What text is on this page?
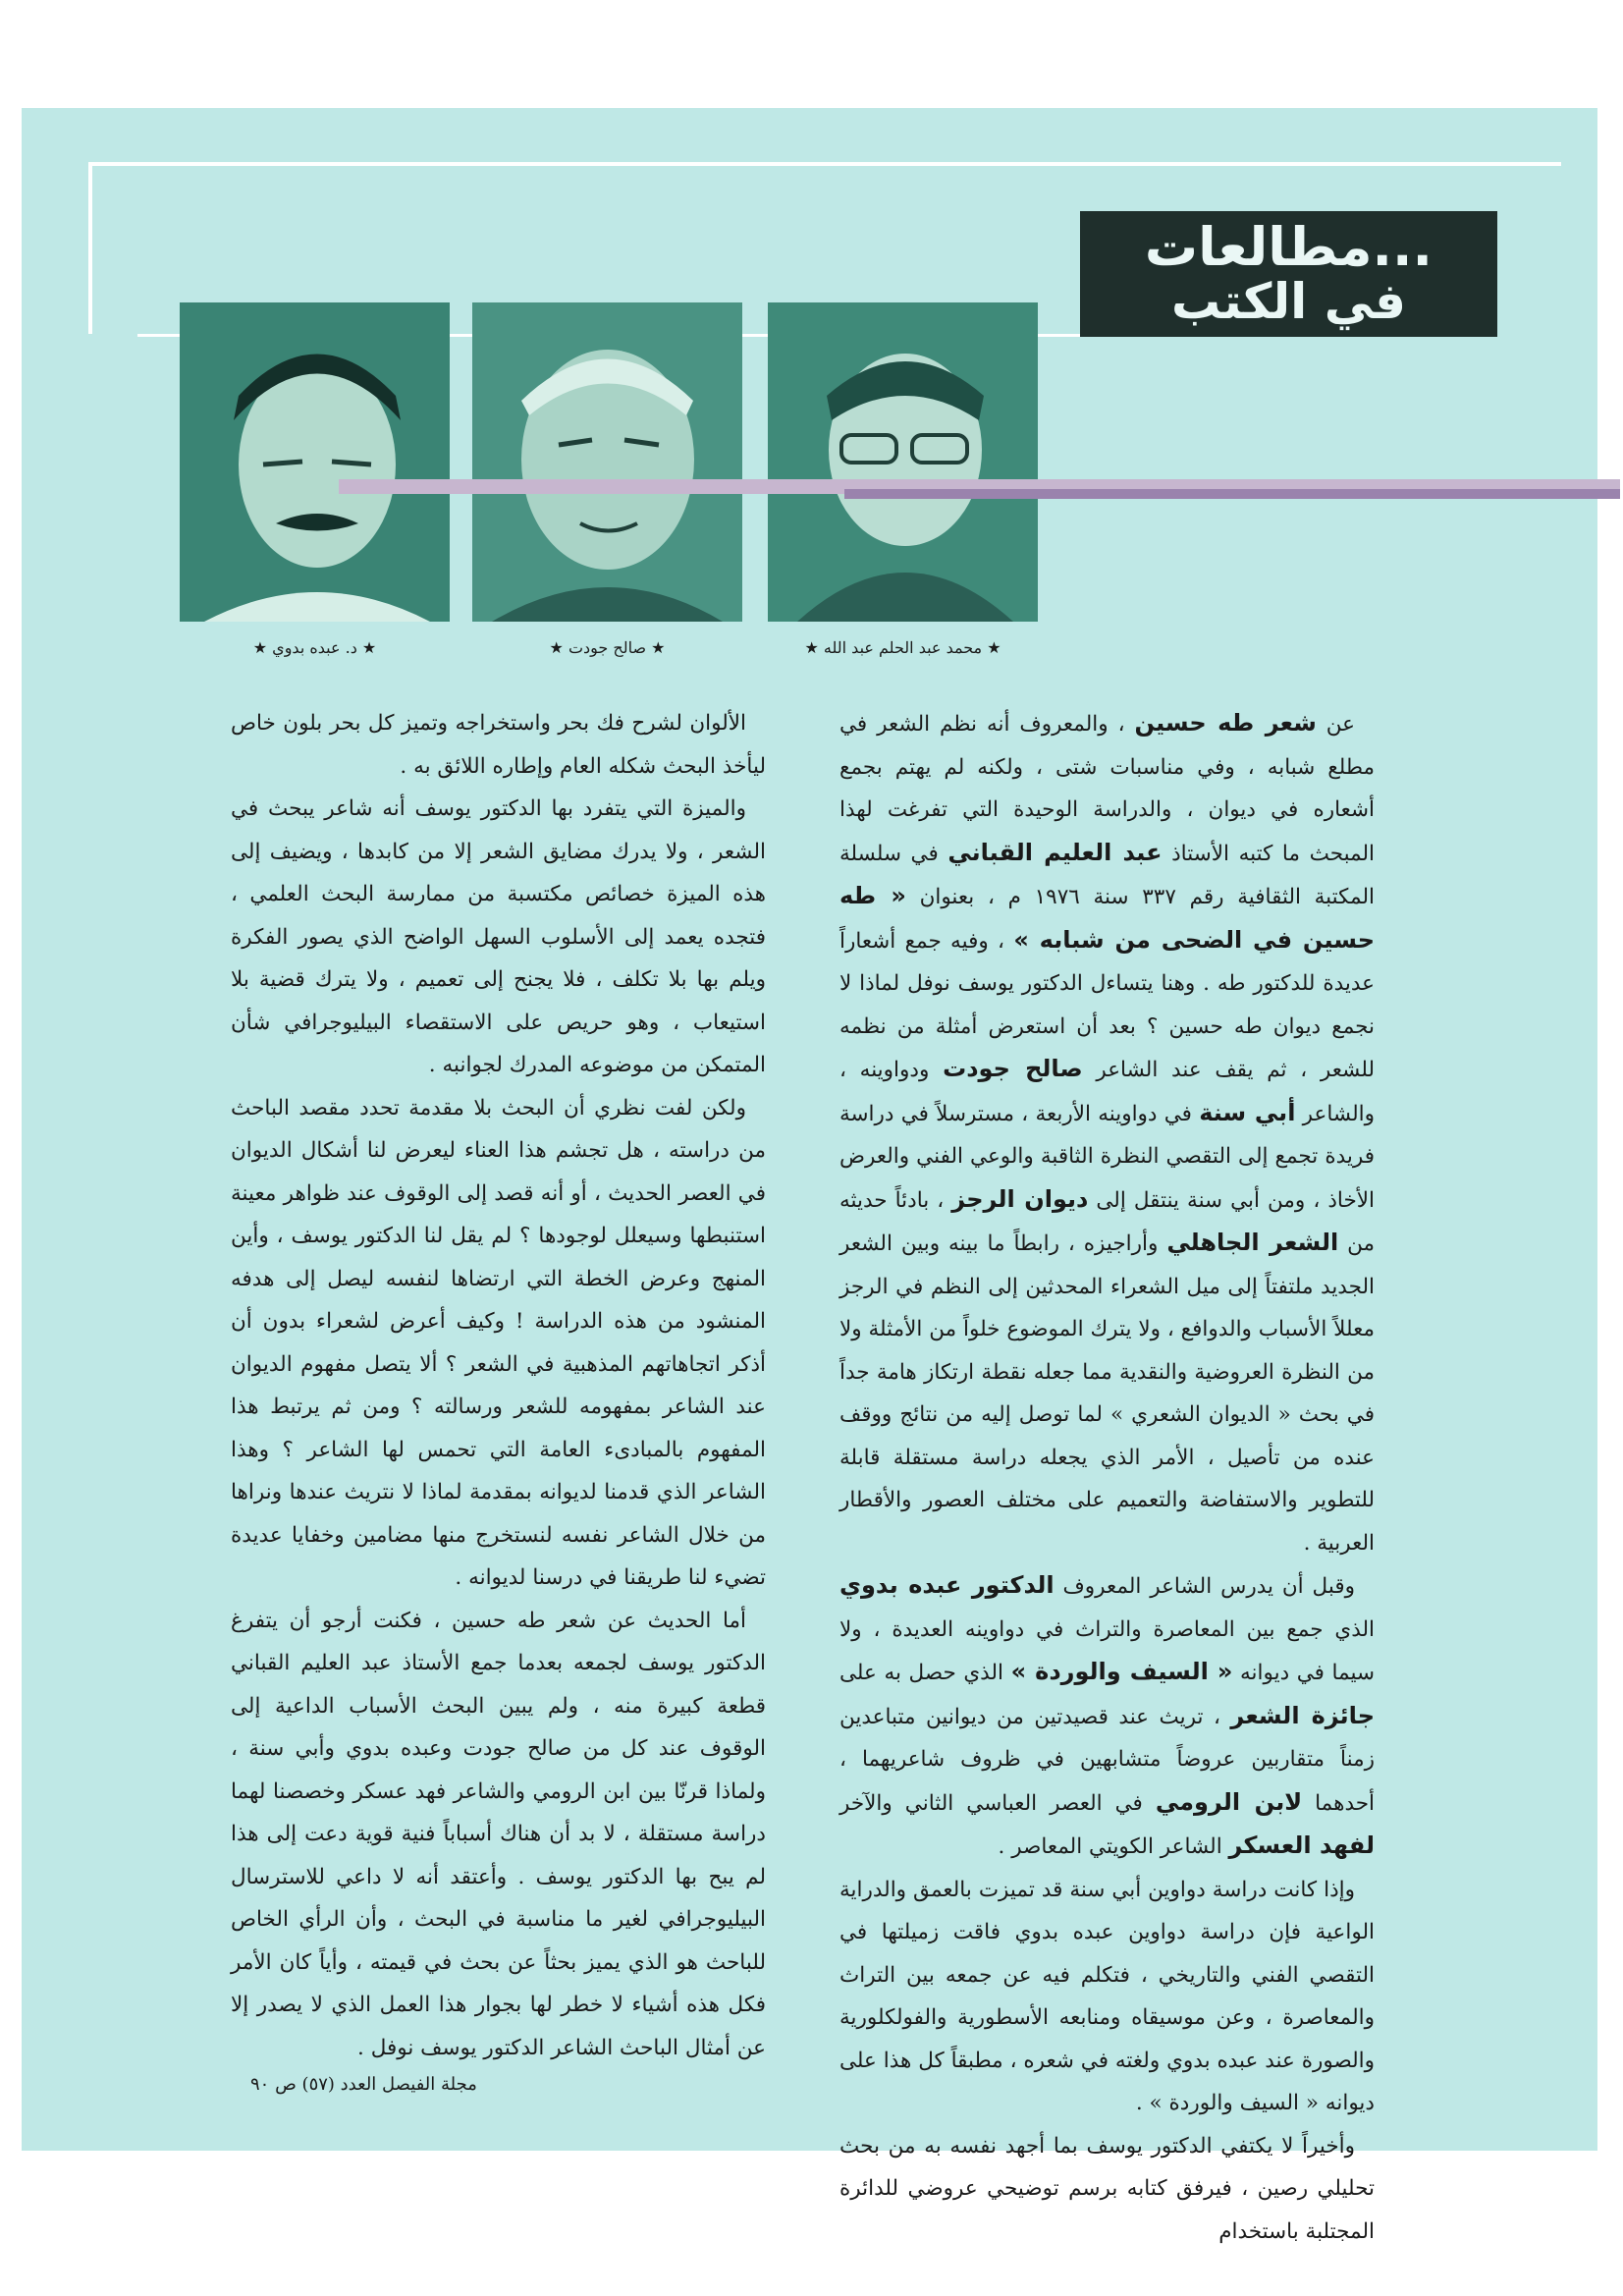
مطالعات...
في الكتب
★ محمد عبد الحلم عبد الله ★
★ صالح جودت ★
★ د. عبده بدوي ★

عن شعر طه حسين ، والمعروف أنه نظم الشعر في مطلع شبابه ، وفي مناسبات شتى ، ولكنه لم يهتم بجمع أشعاره في ديوان ، والدراسة الوحيدة التي تفرغت لهذا المبحث ما كتبه الأستاذ عبد العليم القباني في سلسلة المكتبة الثقافية رقم ٣٣٧ سنة ١٩٧٦ م ، بعنوان « طه حسين في الضحى من شبابه » ، وفيه جمع أشعاراً عديدة للدكتور طه . وهنا يتساءل الدكتور يوسف نوفل لماذا لا نجمع ديوان طه حسين ؟ بعد أن استعرض أمثلة من نظمه للشعر ، ثم يقف عند الشاعر صالح جودت ودواوينه ، والشاعر أبي سنة في دواوينه الأربعة ، مسترسلاً في دراسة فريدة تجمع إلى التقصي النظرة الثاقبة والوعي الفني والعرض الأخاذ ، ومن أبي سنة ينتقل إلى ديوان الرجز ، بادئاً حديثه من الشعر الجاهلي وأراجيزه ، رابطاً ما بينه وبين الشعر الجديد ملتفتاً إلى ميل الشعراء المحدثين إلى النظم في الرجز معللاً الأسباب والدوافع ، ولا يترك الموضوع خلواً من الأمثلة ولا من النظرة العروضية والنقدية مما جعله نقطة ارتكاز هامة جداً في بحث « الديوان الشعري » لما توصل إليه من نتائج ووقف عنده من تأصيل ، الأمر الذي يجعله دراسة مستقلة قابلة للتطوير والاستفاضة والتعميم على مختلف العصور والأقطار العربية .

وقبل أن يدرس الشاعر المعروف الدكتور عبده بدوي الذي جمع بين المعاصرة والتراث في دواوينه العديدة ، ولا سيما في ديوانه « السيف والوردة » الذي حصل به على جائزة الشعر ، تريث عند قصيدتين من ديوانين متباعدين زمناً متقاربين عروضاً متشابهين في ظروف شاعريهما ، أحدهما لابن الرومي في العصر العباسي الثاني والآخر لفهد العسكر الشاعر الكويتي المعاصر .

وإذا كانت دراسة دواوين أبي سنة قد تميزت بالعمق والدراية الواعية فإن دراسة دواوين عبده بدوي فاقت زميلتها في التقصي الفني والتاريخي ، فتكلم فيه عن جمعه بين التراث والمعاصرة ، وعن موسيقاه ومنابعه الأسطورية والفولكلورية والصورة عند عبده بدوي ولغته في شعره ، مطبقاً كل هذا على ديوانه « السيف والوردة » .

وأخيراً لا يكتفي الدكتور يوسف بما أجهد نفسه به من بحث تحليلي رصين ، فيرفق كتابه برسم توضيحي عروضي للدائرة المجتلبة باستخدام

الألوان لشرح فك بحر واستخراجه وتميز كل بحر بلون خاص ليأخذ البحث شكله العام وإطاره اللائق به .

والميزة التي يتفرد بها الدكتور يوسف أنه شاعر يبحث في الشعر ، ولا يدرك مضايق الشعر إلا من كابدها ، ويضيف إلى هذه الميزة خصائص مكتسبة من ممارسة البحث العلمي ، فتجده يعمد إلى الأسلوب السهل الواضح الذي يصور الفكرة ويلم بها بلا تكلف ، فلا يجنح إلى تعميم ، ولا يترك قضية بلا استيعاب ، وهو حريص على الاستقصاء البيليوجرافي شأن المتمكن من موضوعه المدرك لجوانبه .

ولكن لفت نظري أن البحث بلا مقدمة تحدد مقصد الباحث من دراسته ، هل تجشم هذا العناء ليعرض لنا أشكال الديوان في العصر الحديث ، أو أنه قصد إلى الوقوف عند ظواهر معينة استنبطها وسيعلل لوجودها ؟ لم يقل لنا الدكتور يوسف ، وأين المنهج وعرض الخطة التي ارتضاها لنفسه ليصل إلى هدفه المنشود من هذه الدراسة ! وكيف أعرض لشعراء بدون أن أذكر اتجاهاتهم المذهبية في الشعر ؟ ألا يتصل مفهوم الديوان عند الشاعر بمفهومه للشعر ورسالته ؟ ومن ثم يرتبط هذا المفهوم بالمبادىء العامة التي تحمس لها الشاعر ؟ وهذا الشاعر الذي قدمنا لديوانه بمقدمة لماذا لا نتريث عندها ونراها من خلال الشاعر نفسه لنستخرج منها مضامين وخفايا عديدة تضيء لنا طريقنا في درسنا لديوانه .

أما الحديث عن شعر طه حسين ، فكنت أرجو أن يتفرغ الدكتور يوسف لجمعه بعدما جمع الأستاذ عبد العليم القباني قطعة كبيرة منه ، ولم يبين البحث الأسباب الداعية إلى الوقوف عند كل من صالح جودت وعبده بدوي وأبي سنة ، ولماذا قرنّا بين ابن الرومي والشاعر فهد عسكر وخصصنا لهما دراسة مستقلة ، لا بد أن هناك أسباباً فنية قوية دعت إلى هذا لم يبح بها الدكتور يوسف . وأعتقد أنه لا داعي للاسترسال البيليوجرافي لغير ما مناسبة في البحث ، وأن الرأي الخاص للباحث هو الذي يميز بحثاً عن بحث في قيمته ، وأياً كان الأمر فكل هذه أشياء لا خطر لها بجوار هذا العمل الذي لا يصدر إلا عن أمثال الباحث الشاعر الدكتور يوسف نوفل .

مجلة الفيصل العدد (٥٧) ص ٩٠
